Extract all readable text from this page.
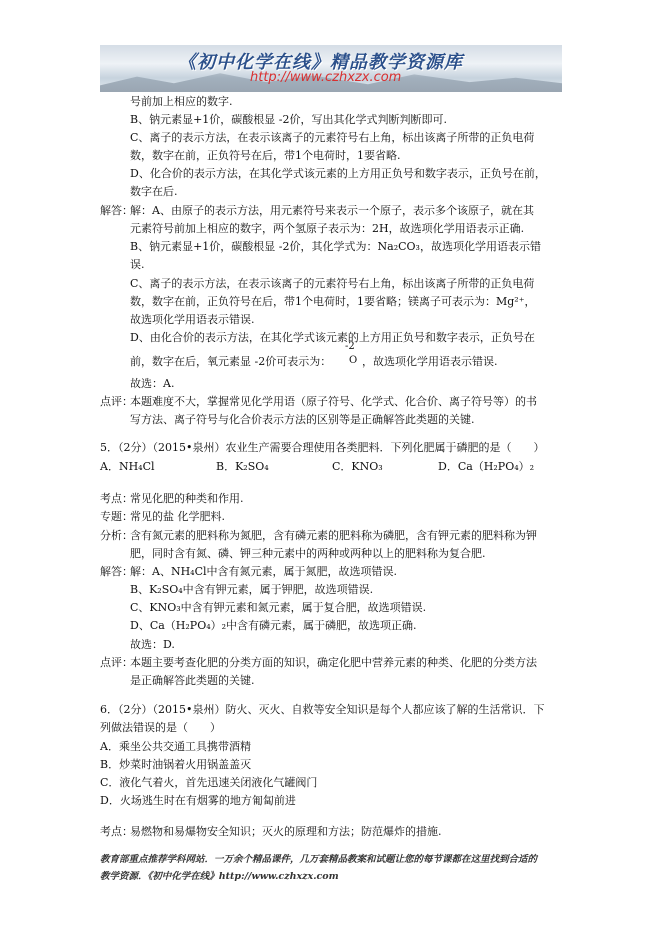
《初中化学在线》精品教学资源库
http://www.czhxzx.com
号前加上相应的数字.
B、钠元素显+1价，碳酸根显 -2价，写出其化学式判断判断即可.
C、离子的表示方法，在表示该离子的元素符号右上角，标出该离子所带的正负电荷
数，数字在前，正负符号在后，带1个电荷时，1要省略.
D、化合价的表示方法，在其化学式该元素的上方用正负号和数字表示，正负号在前，
数字在后.
解答：
解：A、由原子的表示方法，用元素符号来表示一个原子，表示多个该原子，就在其
元素符号前加上相应的数字，两个氢原子表示为：2H，故选项化学用语表示正确.
B、钠元素显+1价，碳酸根显 -2价，其化学式为：Na₂CO₃，故选项化学用语表示错
误.
C、离子的表示方法，在表示该离子的元素符号右上角，标出该离子所带的正负电荷
数，数字在前，正负符号在后，带1个电荷时，1要省略；镁离子可表示为：Mg²⁺，
故选项化学用语表示错误.
D、由化合价的表示方法，在其化学式该元素的上方用正负号和数字表示，正负号在
前，数字在后，氧元素显 -2价可表示为：
-2
O ，故选项化学用语表示错误.
故选：A.
点评：
本题难度不大，掌握常见化学用语（原子符号、化学式、化合价、离子符号等）的书
写方法、离子符号与化合价表示方法的区别等是正确解答此类题的关键.
5．（2分）（2015•泉州）农业生产需要合理使用各类肥料．下列化肥属于磷肥的是（　　）
A．NH₄Cl	B．K₂SO₄	C．KNO₃	D．Ca（H₂PO₄）₂
考点：
常见化肥的种类和作用.
专题：
常见的盐 化学肥料.
分析：
含有氮元素的肥料称为氮肥，含有磷元素的肥料称为磷肥，含有钾元素的肥料称为钾
肥，同时含有氮、磷、钾三种元素中的两种或两种以上的肥料称为复合肥.
解答：
解：A、NH₄Cl中含有氮元素，属于氮肥，故选项错误.
B、K₂SO₄中含有钾元素，属于钾肥，故选项错误.
C、KNO₃中含有钾元素和氮元素，属于复合肥，故选项错误.
D、Ca（H₂PO₄）₂中含有磷元素，属于磷肥，故选项正确.
故选：D.
点评：
本题主要考查化肥的分类方面的知识，确定化肥中营养元素的种类、化肥的分类方法
是正确解答此类题的关键.
6．（2分）（2015•泉州）防火、灭火、自救等安全知识是每个人都应该了解的生活常识．下
列做法错误的是（　　）
A．乘坐公共交通工具携带酒精
B．炒菜时油锅着火用锅盖盖灭
C．液化气着火，首先迅速关闭液化气罐阀门
D．火场逃生时在有烟雾的地方匍匐前进
考点：
易燃物和易爆物安全知识；灭火的原理和方法；防范爆炸的措施.
教育部重点推荐学科网站．一万余个精品课件，几万套精品教案和试题让您的每节课都在这里找到合适的
教学资源．《初中化学在线》http://www.czhxzx.com
